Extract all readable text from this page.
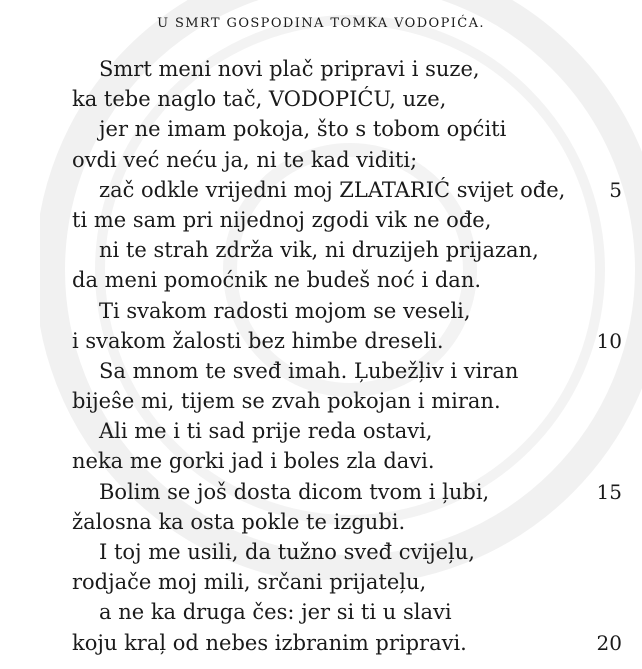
U SMRT GOSPODINA TOMKA VODOPIĆA.
Smrt meni novi plač pripravi i suze,
ka tebe naglo tač, VODOPIĆU, uze,
jer ne imam pokoja, što s tobom općiti
ovdi već neću ja, ni te kad viditi;
zač odkle vrijedni moj ZLATARIĆ svijet ođe, 5
ti me sam pri nijednoj zgodi vik ne ođe,
ni te strah zdrža vik, ni druzijeh prijazan,
da meni pomoćnik ne budeš noć i dan.
Ti svakom radosti mojom se veseli,
i svakom žalosti bez himbe dreseli.	10
Sa mnom te sveđ imah. Ļubežļiv i viran
bijeŝe mi, tijem se zvah pokojan i miran.
Ali me i ti sad prije reda ostavi,
neka me gorki jad i boles zla davi.
Bolim se još dosta dicom tvom i ļubi,	15
žalosna ka osta pokle te izgubi.
I toj me usili, da tužno sveđ cvijeļu,
rodjače moj mili, srčani prijateļu,
a ne ka druga čes: jer si ti u slavi
koju kraļ od nebes izbranim pripravi.	20
